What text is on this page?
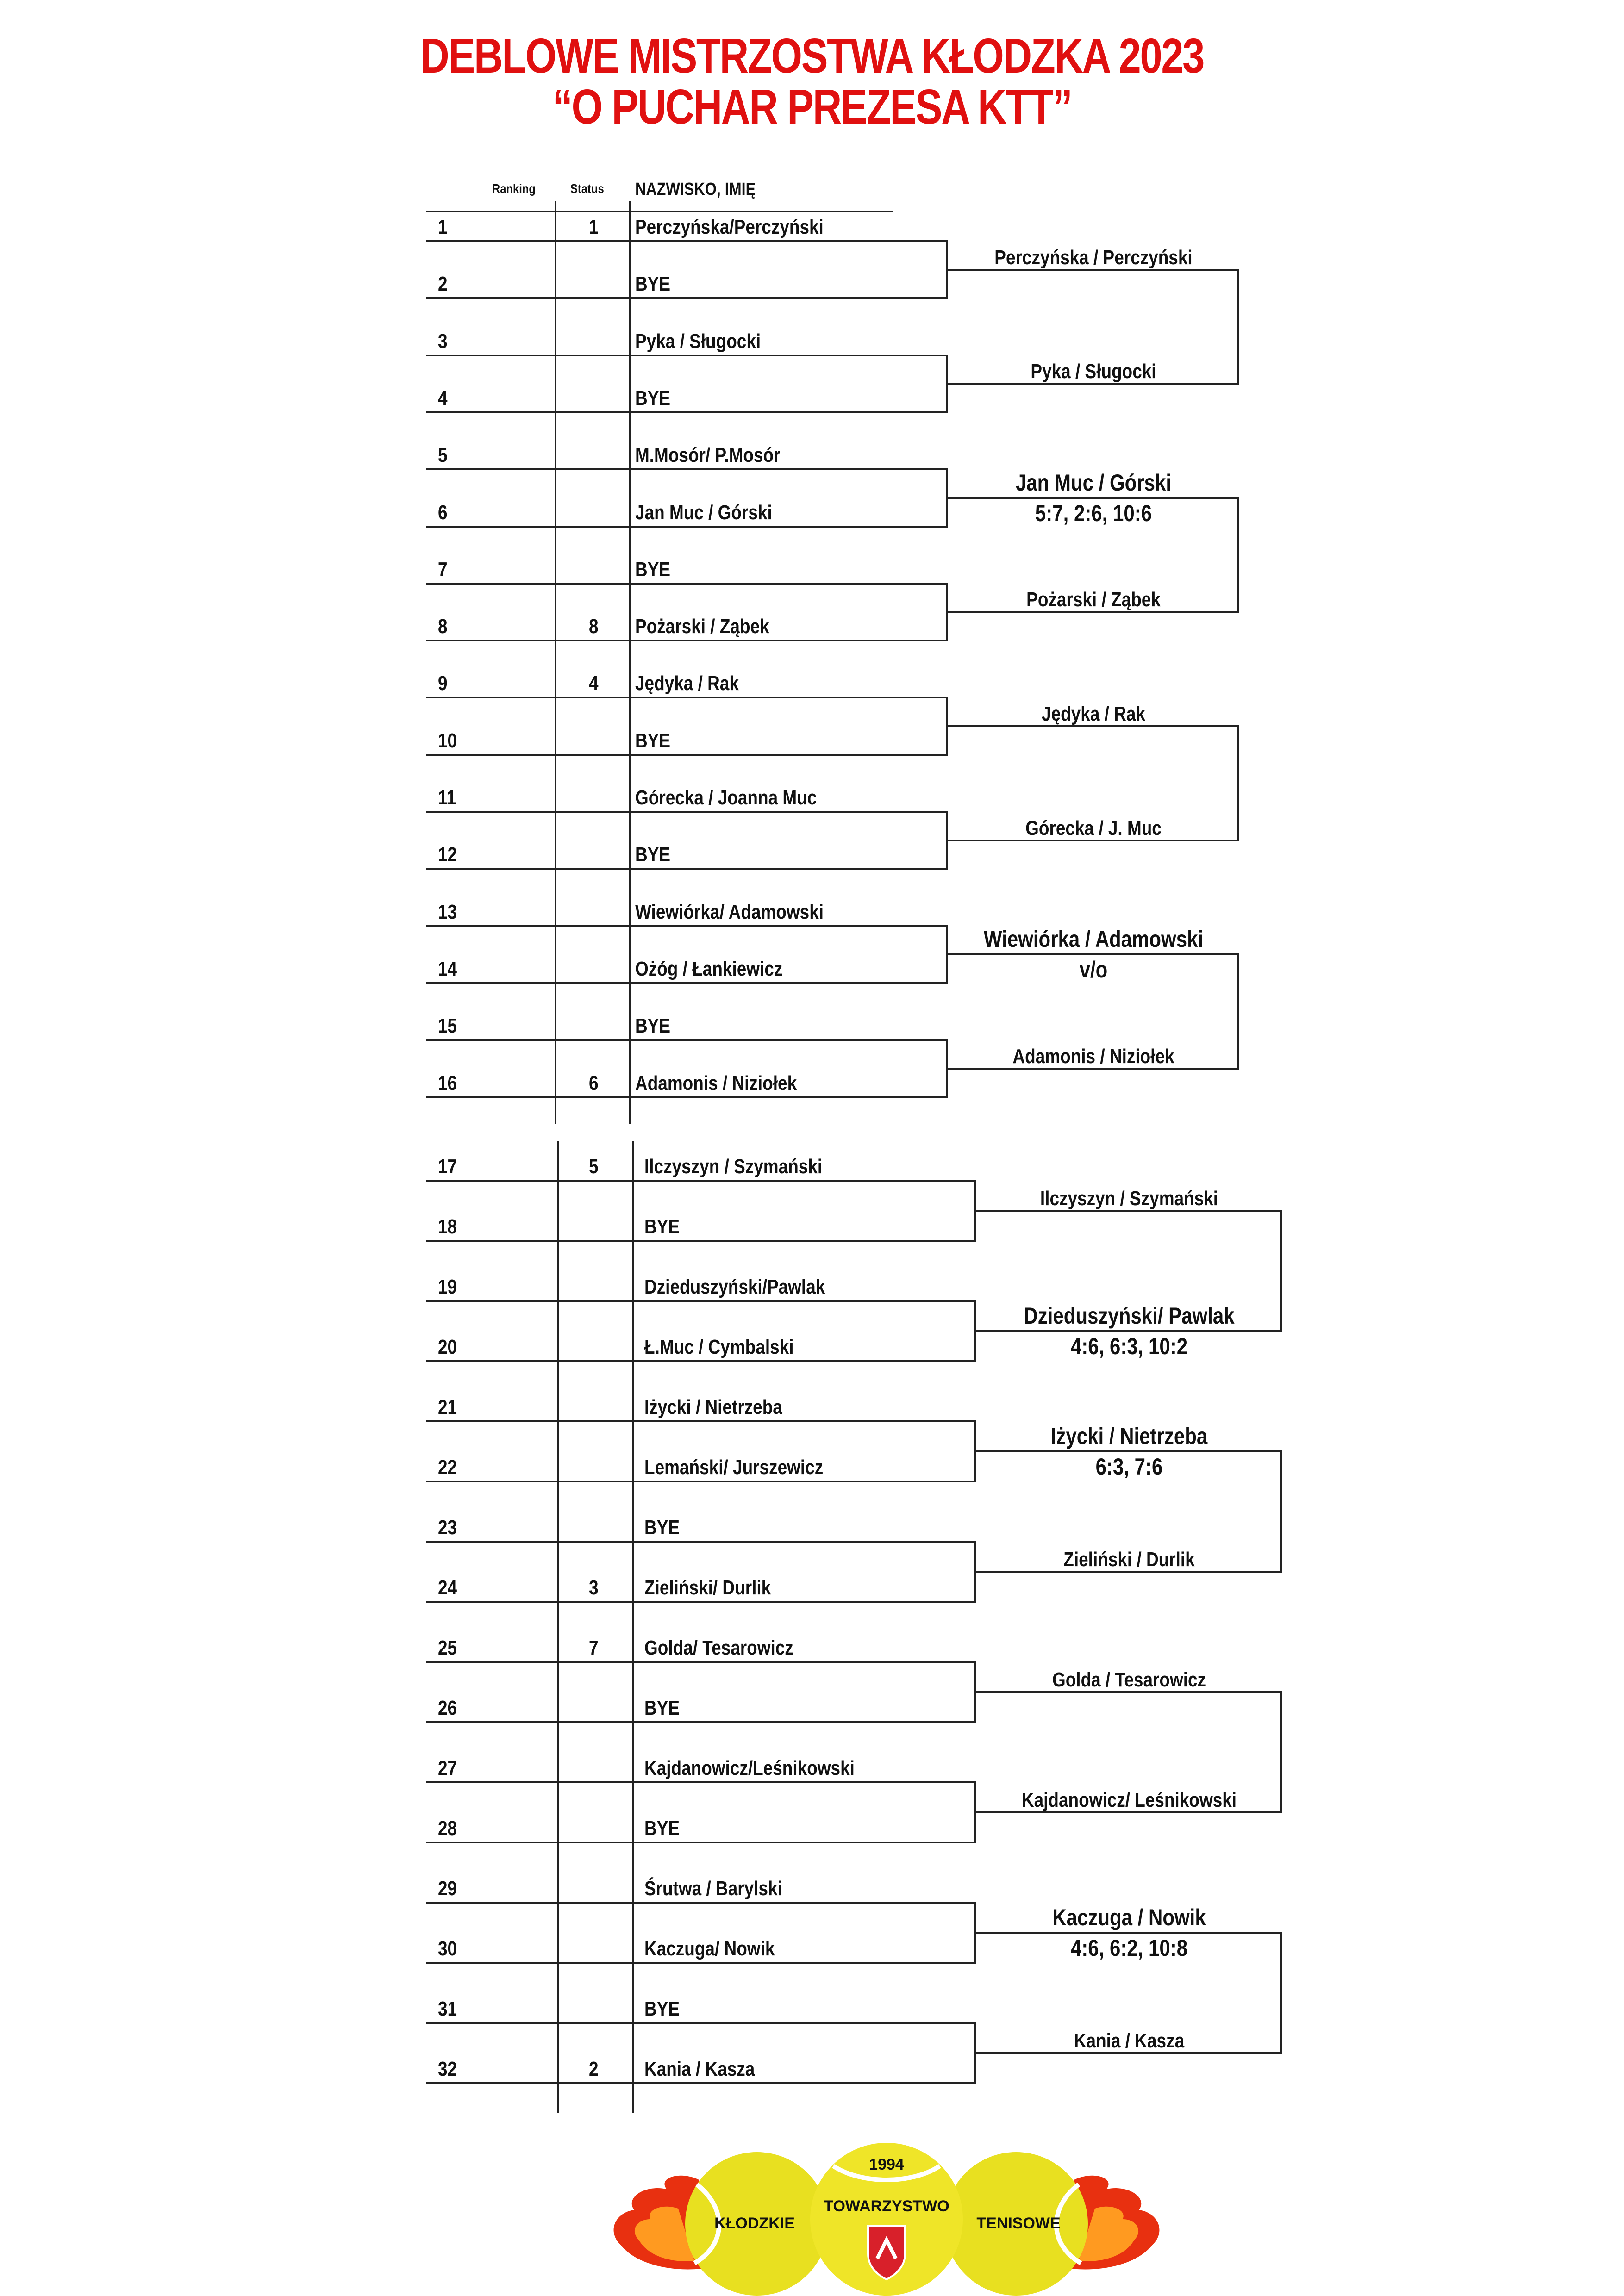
DEBLOWE MISTRZOSTWA KŁODZKA 2023
“O PUCHAR PREZESA KTT”
Ranking	Status NAZWISKO, IMIĘ
1	1 Perczyńska/Perczyński
2	BYE
3	Pyka / Sługocki
4	BYE
5	M.Mosór/ P.Mosór
6	Jan Muc / Górski
7	BYE
8	8 Pożarski / Ząbek
9	4 Jędyka / Rak
10	BYE
11	Górecka / Joanna Muc
12	BYE
13	Wiewiórka/ Adamowski
14	Ożóg / Łankiewicz
15	BYE
16	6 Adamonis / Niziołek
Perczyńska / Perczyński
Pyka / Sługocki
Jan Muc / Górski
5:7, 2:6, 10:6
Pożarski / Ząbek
Jędyka / Rak
Górecka / J. Muc
Wiewiórka / Adamowski
v/o
Adamonis / Niziołek
17	5 Ilczyszyn / Szymański
18	BYE
19	Dzieduszyński/Pawlak
20	Ł.Muc / Cymbalski
21	Iżycki / Nietrzeba
22	Lemański/ Jurszewicz
23	BYE
24	3 Zieliński/ Durlik
25	7 Golda/ Tesarowicz
26	BYE
27	Kajdanowicz/Leśnikowski
28	BYE
29	Śrutwa / Barylski
30	Kaczuga/ Nowik
31	BYE
32	2 Kania / Kasza
Ilczyszyn / Szymański
Dzieduszyński/ Pawlak
4:6, 6:3, 10:2
Iżycki / Nietrzeba
6:3, 7:6
Zieliński / Durlik
Golda / Tesarowicz
Kajdanowicz/ Leśnikowski
Kaczuga / Nowik
4:6, 6:2, 10:8
Kania / Kasza
1994
KŁODZKIE
TOWARZYSTWO
TENISOWE
